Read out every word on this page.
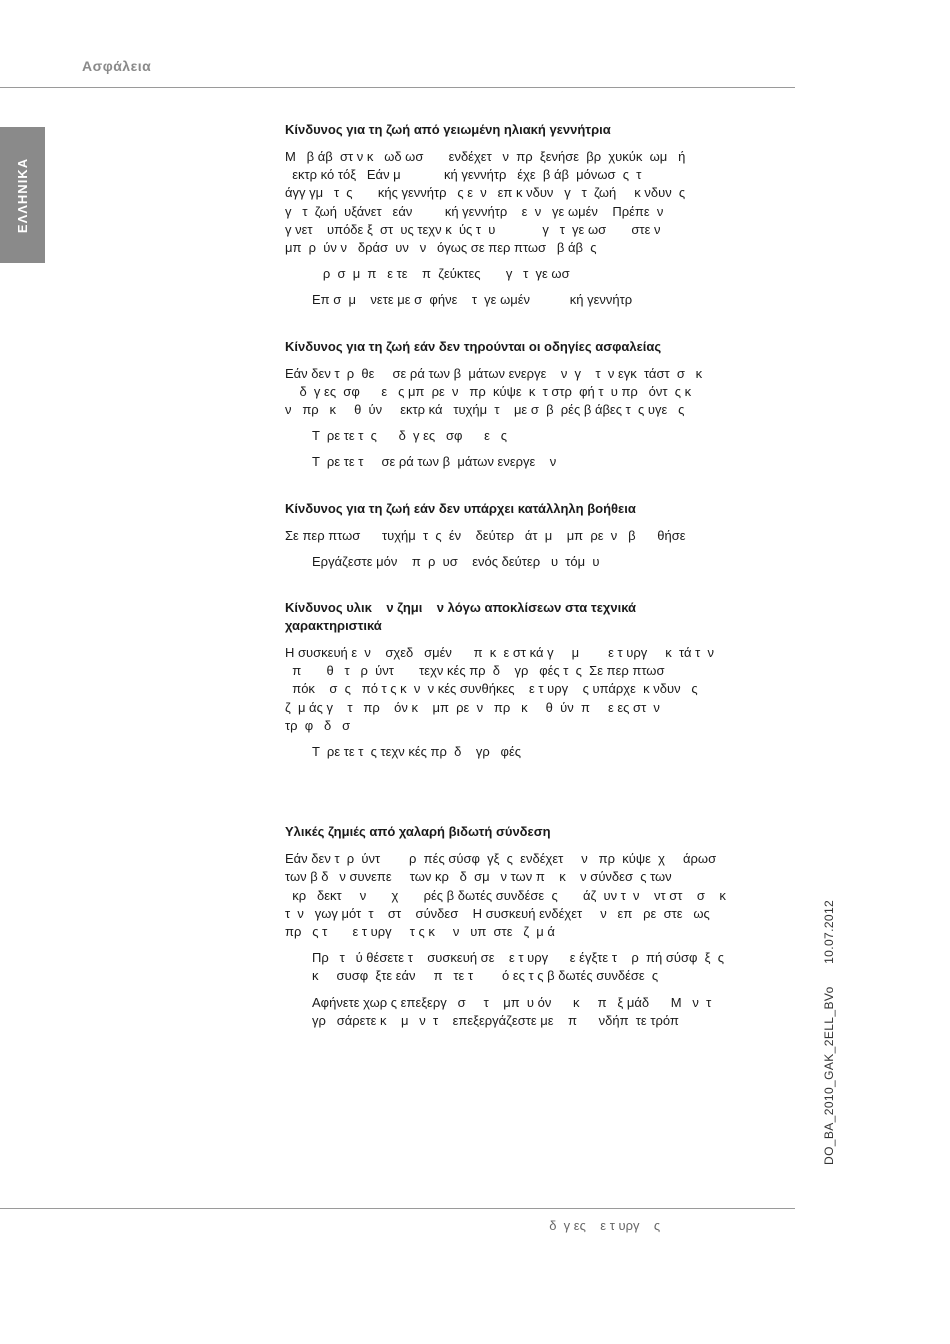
Ασφάλεια
ΕΛΛΗΝΙΚΑ
Κίνδυνος για τη ζωή από γειωμένη ηλιακή γεννήτρια

Μ   β άβ  στ ν κ   ωδ ωσ       ενδέχετ   ν  πρ  ξενήσε  βρ  χυκύκ  ωμ   ή
εκτρ κό τόξ   Εάν μ            κή γεννήτρ   έχε  β άβ  μόνωσ  ς  τ
άγγ γμ   τ  ς       κής γεννήτρ   ς ε  ν   επ κ νδυν   γ   τ  ζωή     κ νδυν  ς
γ   τ  ζωή  υξάνετ   εάν         κή γεννήτρ    ε  ν   γε ωμέν    Πρέπε  ν
γ νετ    υπόδε ξ  στ  υς τεχν κ  ύς τ  υ             γ   τ  γε ωσ       στε ν
μπ  ρ  ύν ν   δράσ  υν   ν   όγως σε περ πτωσ   β άβ  ς

ρ  σ  μ  π   ε τε    π  ζεύκτες       γ   τ  γε ωσ
Επ σ  μ    νετε με σ  φήνε    τ  γε ωμέν           κή γεννήτρ
Κίνδυνος για τη ζωή εάν δεν τηρούνται οι οδηγίες ασφαλείας

Εάν δεν τ  ρ  θε     σε ρά των β  μάτων ενεργε    ν  γ    τ  ν εγκ  τάστ  σ   κ
δ  γ ες  σφ      ε   ς μπ  ρε  ν   πρ  κύψε  κ  τ στρ  φή τ  υ πρ   όντ  ς κ
ν   πρ   κ     θ  ύν     εκτρ κά   τυχήμ  τ    με σ  β  ρές β άβες τ  ς υγε   ς

Τ  ρε τε τ  ς      δ  γ ες   σφ      ε   ς
Τ  ρε τε τ     σε ρά των β  μάτων ενεργε    ν
Κίνδυνος για τη ζωή εάν δεν υπάρχει κατάλληλη βοήθεια

Σε περ πτωσ      τυχήμ  τ  ς  έν    δεύτερ   άτ  μ    μπ  ρε  ν   β      θήσε

Εργάζεστε μόν    π  ρ  υσ    ενός δεύτερ   υ  τόμ  υ
Κίνδυνος υλικ    ν ζημι    ν λόγω αποκλίσεων στα τεχνικά
χαρακτηριστικά

Η συσκευή ε  ν    σχεδ   σμέν      π  κ  ε στ κά γ     μ        ε τ υργ     κ  τά τ  ν
π       θ   τ   ρ  ύντ       τεχν κές πρ  δ    γρ   φές τ  ς  Σε περ πτωσ
πόκ    σ  ς   πό τ ς κ  ν  ν κές συνθήκες    ε τ υργ    ς υπάρχε  κ νδυν   ς
ζ  μ άς γ    τ   πρ    όν κ    μπ  ρε  ν   πρ   κ     θ  ύν  π     ε ες στ  ν
τρ  φ   δ   σ

Τ  ρε τε τ  ς τεχν κές πρ  δ    γρ   φές
Υλικές ζημιές από χαλαρή βιδωτή σύνδεση

Εάν δεν τ  ρ  ύντ        ρ  πές σύσφ  γξ  ς  ενδέχετ     ν   πρ  κύψε  χ     άρωσ
των β δ   ν συνεπε     των κρ   δ  σμ   ν των π    κ    ν σύνδεσ  ς των
κρ   δεκτ     ν       χ       ρές β δωτές συνδέσε  ς       άζ  υν τ  ν    ντ στ    σ    κ
τ  ν   γωγ μότ  τ    στ    σύνδεσ    Η συσκευή ενδέχετ     ν   επ   ρε  στε   ως
πρ   ς τ       ε τ υργ     τ ς κ     ν   υπ  στε   ζ  μ ά

Πρ   τ   ύ θέσετε τ    συσκευή σε    ε τ υργ      ε έγξτε τ    ρ  πή σύσφ  ξ  ς
κ     συσφ  ξτε εάν     π   τε τ        ό ες τ ς β δωτές συνδέσε  ς
Αφήνετε χωρ ς επεξεργ   σ     τ    μπ  υ όν      κ     π   ξ μάδ      Μ   ν  τ
γρ   σάρετε κ    μ   ν  τ    επεξεργάζεστε με    π      νδήπ  τε τρόπ	DO_BA_2010_GAK_2ELL_BVo      10.07.2012
δ  γ ες    ε τ υργ    ς
